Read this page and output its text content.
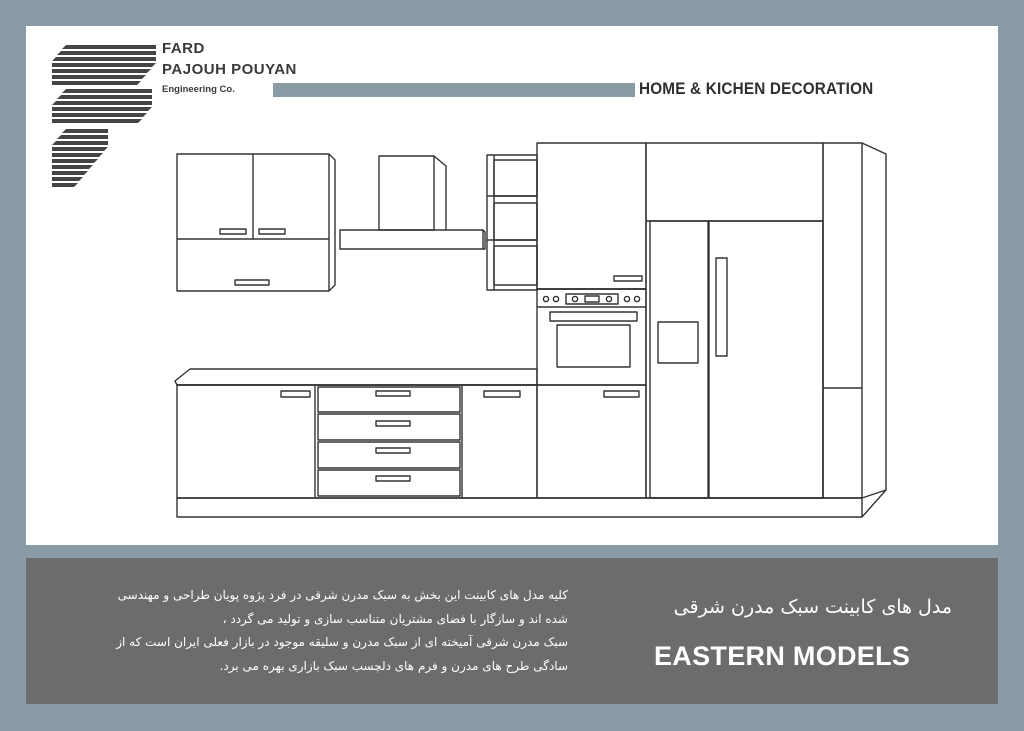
FARD
PAJOUH POUYAN
Engineering Co.	HOME & KICHEN DECORATION
کلیه مدل های کابینت این بخش به سبک مدرن شرقی در فرد پژوه پویان طراحی و مهندسی
شده اند و سازگار با فضای مشتریان متناسب سازی و تولید می گردد ،
سبک مدرن شرقی آمیخته ای از سبک مدرن و سلیقه موجود در بازار فعلی ایران است که از
سادگی طرح های مدرن و فرم های دلچسب سبک بازاری بهره می برد.
مدل های کابینت سبک مدرن شرقی
EASTERN MODELS
